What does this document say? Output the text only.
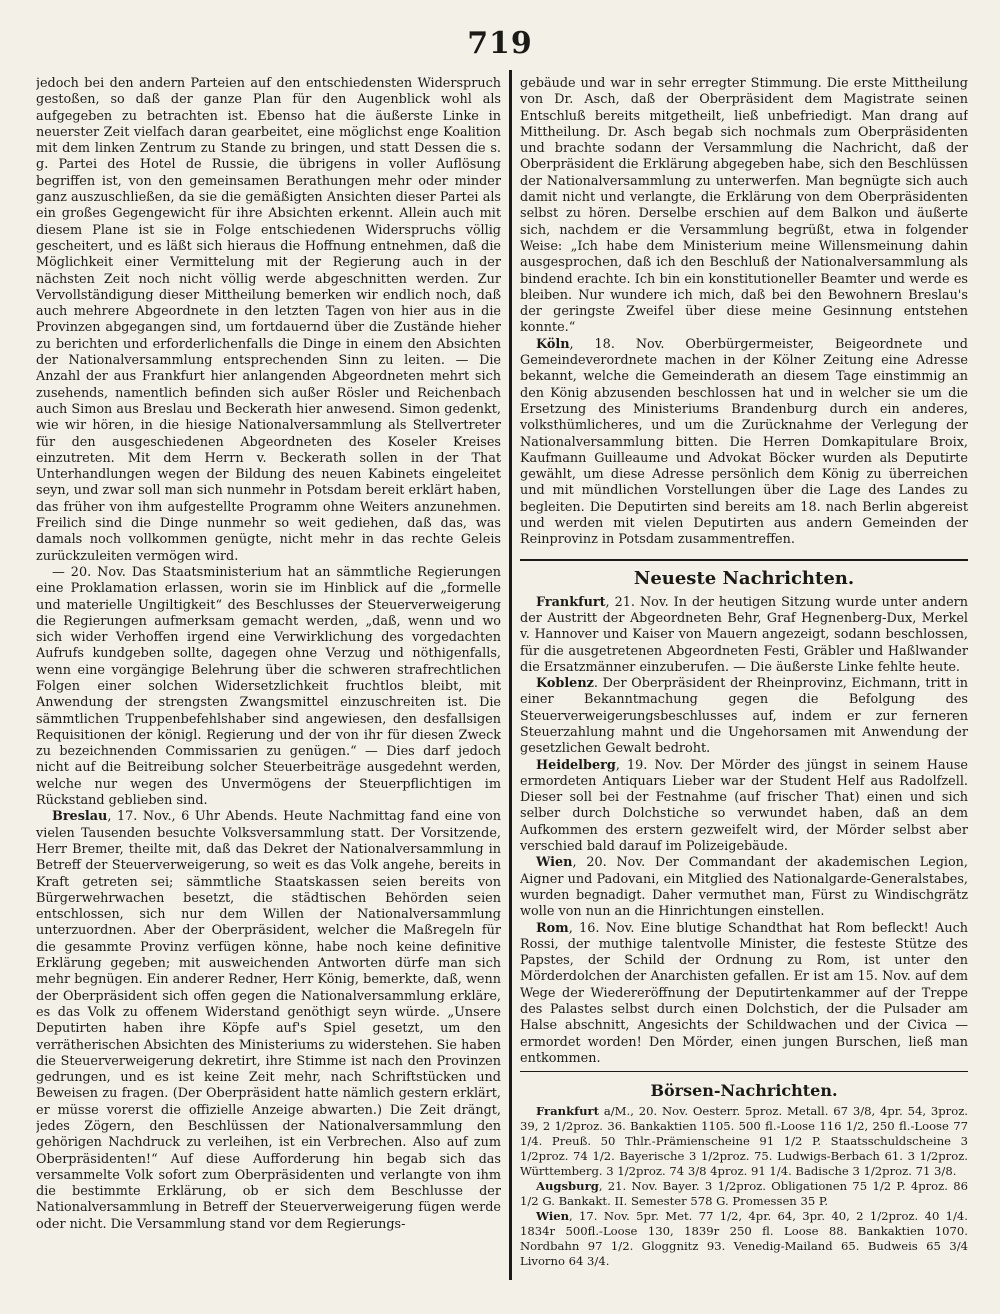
719

jedoch bei den andern Parteien auf den entschiedensten Widerspruch gestoßen, so daß der ganze Plan für den Augenblick wohl als aufgegeben zu betrachten ist. Ebenso hat die äußerste Linke in neuerster Zeit vielfach daran gearbeitet, eine möglichst enge Koalition mit dem linken Zentrum zu Stande zu bringen, und statt Dessen die s. g. Partei des Hotel de Russie, die übrigens in voller Auflösung begriffen ist, von den gemeinsamen Berathungen mehr oder minder ganz auszuschließen, da sie die gemäßigten Ansichten dieser Partei als ein großes Gegengewicht für ihre Absichten erkennt. Allein auch mit diesem Plane ist sie in Folge entschiedenen Widerspruchs völlig gescheitert, und es läßt sich hieraus die Hoffnung entnehmen, daß die Möglichkeit einer Vermittelung mit der Regierung auch in der nächsten Zeit noch nicht völlig werde abgeschnitten werden. Zur Vervollständigung dieser Mittheilung bemerken wir endlich noch, daß auch mehrere Abgeordnete in den letzten Tagen von hier aus in die Provinzen abgegangen sind, um fortdauernd über die Zustände hieher zu berichten und erforderlichenfalls die Dinge in einem den Absichten der Nationalversammlung entsprechenden Sinn zu leiten. — Die Anzahl der aus Frankfurt hier anlangenden Abgeordneten mehrt sich zusehends, namentlich befinden sich außer Rösler und Reichenbach auch Simon aus Breslau und Beckerath hier anwesend. Simon gedenkt, wie wir hören, in die hiesige Nationalversammlung als Stellvertreter für den ausgeschiedenen Abgeordneten des Koseler Kreises einzutreten. Mit dem Herrn v. Beckerath sollen in der That Unterhandlungen wegen der Bildung des neuen Kabinets eingeleitet seyn, und zwar soll man sich nunmehr in Potsdam bereit erklärt haben, das früher von ihm aufgestellte Programm ohne Weiters anzunehmen. Freilich sind die Dinge nunmehr so weit gediehen, daß das, was damals noch vollkommen genügte, nicht mehr in das rechte Geleis zurückzuleiten vermögen wird.

— 20. Nov. Das Staatsministerium hat an sämmtliche Regierungen eine Proklamation erlassen, worin sie im Hinblick auf die „formelle und materielle Ungiltigkeit“ des Beschlusses der Steuerverweigerung die Regierungen aufmerksam gemacht werden, „daß, wenn und wo sich wider Verhoffen irgend eine Verwirklichung des vorgedachten Aufrufs kundgeben sollte, dagegen ohne Verzug und nöthigenfalls, wenn eine vorgängige Belehrung über die schweren strafrechtlichen Folgen einer solchen Widersetzlichkeit fruchtlos bleibt, mit Anwendung der strengsten Zwangsmittel einzuschreiten ist. Die sämmtlichen Truppenbefehlshaber sind angewiesen, den desfallsigen Requisitionen der königl. Regierung und der von ihr für diesen Zweck zu bezeichnenden Commissarien zu genügen.“ — Dies darf jedoch nicht auf die Beitreibung solcher Steuerbeiträge ausgedehnt werden, welche nur wegen des Unvermögens der Steuerpflichtigen im Rückstand geblieben sind.

Breslau, 17. Nov., 6 Uhr Abends. Heute Nachmittag fand eine von vielen Tausenden besuchte Volksversammlung statt. Der Vorsitzende, Herr Bremer, theilte mit, daß das Dekret der Nationalversammlung in Betreff der Steuerverweigerung, so weit es das Volk angehe, bereits in Kraft getreten sei; sämmtliche Staatskassen seien bereits von Bürgerwehrwachen besetzt, die städtischen Behörden seien entschlossen, sich nur dem Willen der Nationalversammlung unterzuordnen. Aber der Oberpräsident, welcher die Maßregeln für die gesammte Provinz verfügen könne, habe noch keine definitive Erklärung gegeben; mit ausweichenden Antworten dürfe man sich mehr begnügen. Ein anderer Redner, Herr König, bemerkte, daß, wenn der Oberpräsident sich offen gegen die Nationalversammlung erkläre, es das Volk zu offenem Widerstand genöthigt seyn würde. „Unsere Deputirten haben ihre Köpfe auf's Spiel gesetzt, um den verrätherischen Absichten des Ministeriums zu widerstehen. Sie haben die Steuerverweigerung dekretirt, ihre Stimme ist nach den Provinzen gedrungen, und es ist keine Zeit mehr, nach Schriftstücken und Beweisen zu fragen. (Der Oberpräsident hatte nämlich gestern erklärt, er müsse vorerst die offizielle Anzeige abwarten.) Die Zeit drängt, jedes Zögern, den Beschlüssen der Nationalversammlung den gehörigen Nachdruck zu verleihen, ist ein Verbrechen. Also auf zum Oberpräsidenten!“ Auf diese Aufforderung hin begab sich das versammelte Volk sofort zum Oberpräsidenten und verlangte von ihm die bestimmte Erklärung, ob er sich dem Beschlusse der Nationalversammlung in Betreff der Steuerverweigerung fügen werde oder nicht. Die Versammlung stand vor dem Regierungs-

gebäude und war in sehr erregter Stimmung. Die erste Mittheilung von Dr. Asch, daß der Oberpräsident dem Magistrate seinen Entschluß bereits mitgetheilt, ließ unbefriedigt. Man drang auf Mittheilung. Dr. Asch begab sich nochmals zum Oberpräsidenten und brachte sodann der Versammlung die Nachricht, daß der Oberpräsident die Erklärung abgegeben habe, sich den Beschlüssen der Nationalversammlung zu unterwerfen. Man begnügte sich auch damit nicht und verlangte, die Erklärung von dem Oberpräsidenten selbst zu hören. Derselbe erschien auf dem Balkon und äußerte sich, nachdem er die Versammlung begrüßt, etwa in folgender Weise: „Ich habe dem Ministerium meine Willensmeinung dahin ausgesprochen, daß ich den Beschluß der Nationalversammlung als bindend erachte. Ich bin ein konstitutioneller Beamter und werde es bleiben. Nur wundere ich mich, daß bei den Bewohnern Breslau's der geringste Zweifel über diese meine Gesinnung entstehen konnte.“

Köln, 18. Nov. Oberbürgermeister, Beigeordnete und Gemeindeverordnete machen in der Kölner Zeitung eine Adresse bekannt, welche die Gemeinderath an diesem Tage einstimmig an den König abzusenden beschlossen hat und in welcher sie um die Ersetzung des Ministeriums Brandenburg durch ein anderes, volksthümlicheres, und um die Zurücknahme der Verlegung der Nationalversammlung bitten. Die Herren Domkapitulare Broix, Kaufmann Guilleaume und Advokat Böcker wurden als Deputirte gewählt, um diese Adresse persönlich dem König zu überreichen und mit mündlichen Vorstellungen über die Lage des Landes zu begleiten. Die Deputirten sind bereits am 18. nach Berlin abgereist und werden mit vielen Deputirten aus andern Gemeinden der Reinprovinz in Potsdam zusammentreffen.

Neueste Nachrichten.

Frankfurt, 21. Nov. In der heutigen Sitzung wurde unter andern der Austritt der Abgeordneten Behr, Graf Hegnenberg-Dux, Merkel v. Hannover und Kaiser von Mauern angezeigt, sodann beschlossen, für die ausgetretenen Abgeordneten Festi, Gräbler und Haßlwander die Ersatzmänner einzuberufen. — Die äußerste Linke fehlte heute.

Koblenz. Der Oberpräsident der Rheinprovinz, Eichmann, tritt in einer Bekanntmachung gegen die Befolgung des Steuerverweigerungsbeschlusses auf, indem er zur ferneren Steuerzahlung mahnt und die Ungehorsamen mit Anwendung der gesetzlichen Gewalt bedroht.

Heidelberg, 19. Nov. Der Mörder des jüngst in seinem Hause ermordeten Antiquars Lieber war der Student Helf aus Radolfzell. Dieser soll bei der Festnahme (auf frischer That) einen und sich selber durch Dolchstiche so verwundet haben, daß an dem Aufkommen des erstern gezweifelt wird, der Mörder selbst aber verschied bald darauf im Polizeigebäude.

Wien, 20. Nov. Der Commandant der akademischen Legion, Aigner und Padovani, ein Mitglied des Nationalgarde-Generalstabes, wurden begnadigt. Daher vermuthet man, Fürst zu Windischgrätz wolle von nun an die Hinrichtungen einstellen.

Rom, 16. Nov. Eine blutige Schandthat hat Rom befleckt! Auch Rossi, der muthige talentvolle Minister, die festeste Stütze des Papstes, der Schild der Ordnung zu Rom, ist unter den Mörderdolchen der Anarchisten gefallen. Er ist am 15. Nov. auf dem Wege der Wiedereröffnung der Deputirtenkammer auf der Treppe des Palastes selbst durch einen Dolchstich, der die Pulsader am Halse abschnitt, Angesichts der Schildwachen und der Civica — ermordet worden! Den Mörder, einen jungen Burschen, ließ man entkommen.

Börsen-Nachrichten.

Frankfurt a/M., 20. Nov. Oesterr. 5proz. Metall. 67 3/8, 4pr. 54, 3proz. 39, 2 1/2proz. 36. Bankaktien 1105. 500 fl.-Loose 116 1/2, 250 fl.-Loose 77 1/4. Preuß. 50 Thlr.-Prämienscheine 91 1/2 P. Staatsschuldscheine 3 1/2proz. 74 1/2. Bayerische 3 1/2proz. 75. Ludwigs-Berbach 61. 3 1/2proz. Württemberg. 3 1/2proz. 74 3/8 4proz. 91 1/4. Badische 3 1/2proz. 71 3/8.

Augsburg, 21. Nov. Bayer. 3 1/2proz. Obligationen 75 1/2 P. 4proz. 86 1/2 G. Bankakt. II. Semester 578 G. Promessen 35 P.

Wien, 17. Nov. 5pr. Met. 77 1/2, 4pr. 64, 3pr. 40, 2 1/2proz. 40 1/4. 1834r 500fl.-Loose 130, 1839r 250 fl. Loose 88. Bankaktien 1070. Nordbahn 97 1/2. Gloggnitz 93. Venedig-Mailand 65. Budweis 65 3/4 Livorno 64 3/4.
